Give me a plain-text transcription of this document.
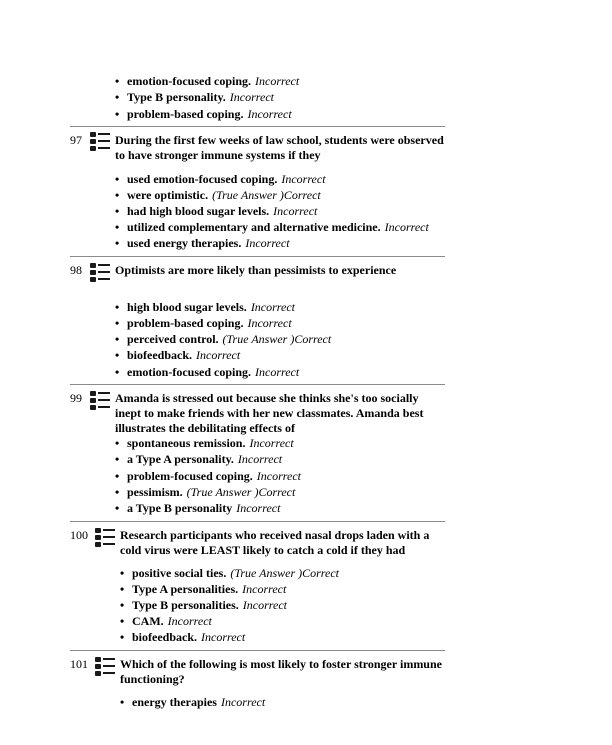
• emotion-focused coping. Incorrect
• Type B personality. Incorrect
• problem-based coping. Incorrect
97	During the first few weeks of law school, students were observed
to have stronger immune systems if they
• used emotion-focused coping. Incorrect
• were optimistic. (True Answer )Correct
• had high blood sugar levels. Incorrect
• utilized complementary and alternative medicine. Incorrect
• used energy therapies. Incorrect
98	Optimists are more likely than pessimists to experience
• high blood sugar levels. Incorrect
• problem-based coping. Incorrect
• perceived control. (True Answer )Correct
• biofeedback. Incorrect
• emotion-focused coping. Incorrect
99	Amanda is stressed out because she thinks she's too socially
inept to make friends with her new classmates. Amanda best
illustrates the debilitating effects of
• spontaneous remission. Incorrect
• a Type A personality. Incorrect
• problem-focused coping. Incorrect
• pessimism. (True Answer )Correct
• a Type B personality Incorrect
100	Research participants who received nasal drops laden with a
cold virus were LEAST likely to catch a cold if they had
• positive social ties. (True Answer )Correct
• Type A personalities. Incorrect
• Type B personalities. Incorrect
• CAM. Incorrect
• biofeedback. Incorrect
101	Which of the following is most likely to foster stronger immune
functioning?
• energy therapies Incorrect
